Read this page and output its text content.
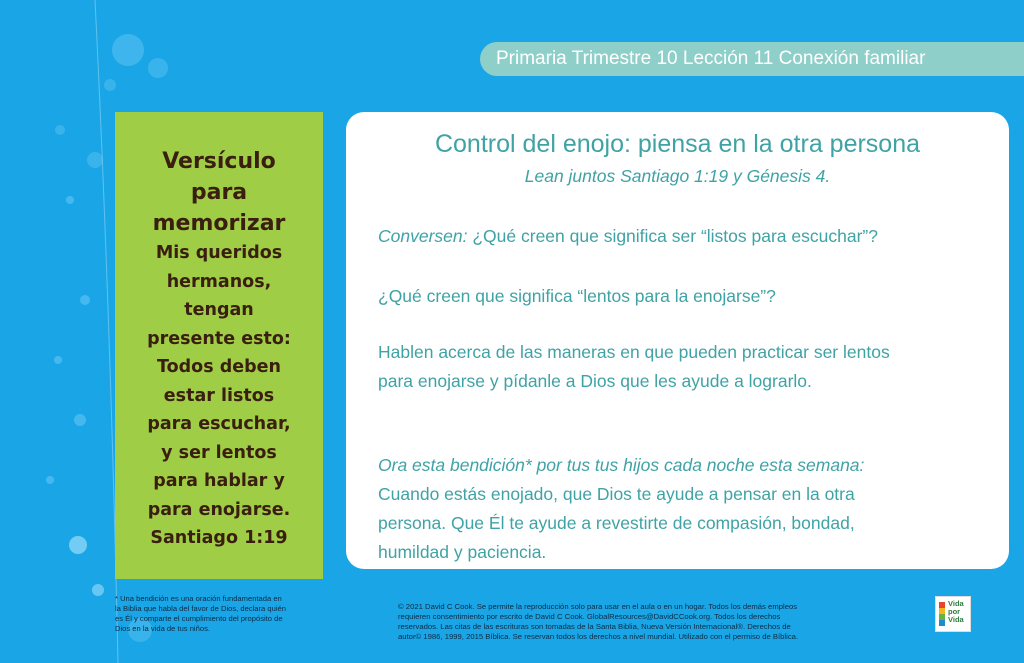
Primaria Trimestre 10 Lección 11 Conexión familiar
Versículo
para
memorizar
Mis queridos
hermanos,
tengan
presente esto:
Todos deben
estar listos
para escuchar,
y ser lentos
para hablar y
para enojarse.
Santiago 1:19
Control del enojo: piensa en la otra persona
Lean juntos Santiago 1:19 y Génesis 4.
Conversen: ¿Qué creen que significa ser “listos para escuchar”?
¿Qué creen que significa “lentos para la enojarse”?
Hablen acerca de las maneras en que pueden practicar ser lentos
para enojarse y pídanle a Dios que les ayude a lograrlo.
Ora esta bendición* por tus tus hijos cada noche esta semana:
Cuando estás enojado, que Dios te ayude a pensar en la otra
persona. Que Él te ayude a revestirte de compasión, bondad,
humildad y paciencia.
* Una bendición es una oración fundamentada en
la Biblia que habla del favor de Dios, declara quién
es Él y comparte el cumplimiento del propósito de
Dios en la vida de tus niños.
© 2021 David C Cook. Se permite la reproducción solo para usar en el aula o en un hogar. Todos los demás empleos
requieren consentimiento por escrito de David C Cook. GlobalResources@DavidCCook.org. Todos los derechos
reservados. Las citas de las escrituras son tomadas de la Santa Biblia, Nueva Versión Internacional®. Derechos de
autor© 1986, 1999, 2015 Bíblica. Se reservan todos los derechos a nivel mundial. Utilizado con el permiso de Bíblica.
Vida
por
Vida
